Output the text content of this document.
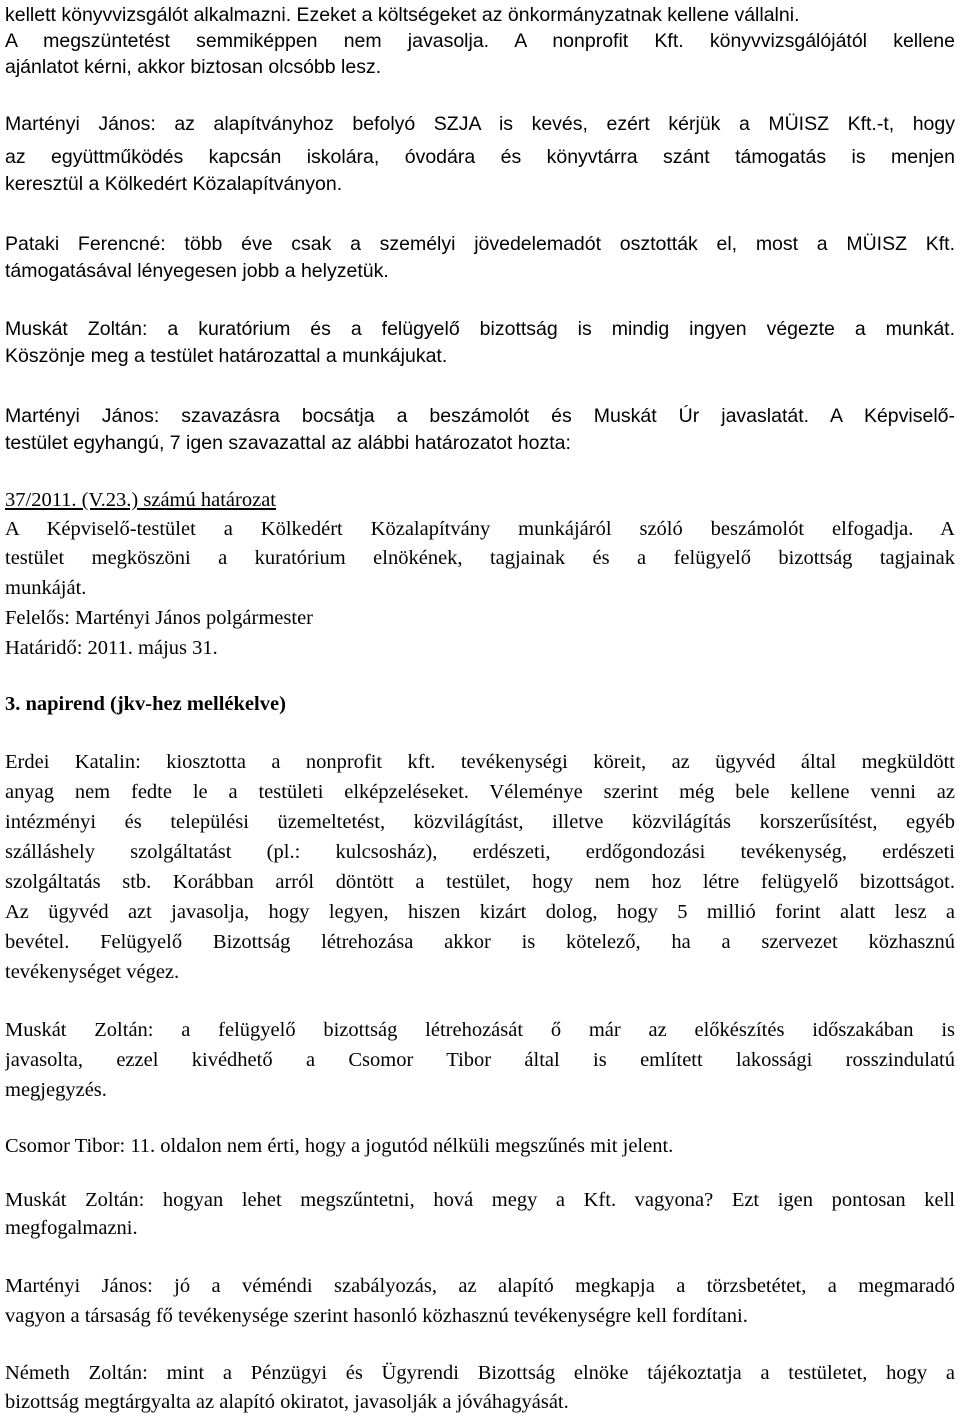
kellett könyvvizsgálót alkalmazni. Ezeket a költségeket az önkormányzatnak kellene vállalni.
A megszüntetést semmiképpen nem javasolja. A nonprofit Kft. könyvvizsgálójától kellene
ajánlatot kérni, akkor biztosan olcsóbb lesz.
Martényi János: az alapítványhoz befolyó SZJA is kevés, ezért kérjük a MÜISZ Kft.-t, hogy
az együttműködés kapcsán iskolára, óvodára és könyvtárra szánt támogatás is menjen
keresztül a Kölkedért Közalapítványon.
Pataki Ferencné: több éve csak a személyi jövedelemadót osztották el, most a MÜISZ Kft.
támogatásával lényegesen jobb a helyzetük.
Muskát Zoltán: a kuratórium és a felügyelő bizottság is mindig ingyen végezte a munkát.
Köszönje meg a testület határozattal a munkájukat.
Martényi János: szavazásra bocsátja a beszámolót és Muskát Úr javaslatát. A Képviselő-
testület egyhangú, 7 igen szavazattal az alábbi határozatot hozta:
37/2011. (V.23.) számú határozat
A Képviselő-testület a Kölkedért Közalapítvány munkájáról szóló beszámolót elfogadja. A
testület megköszöni a kuratórium elnökének, tagjainak és a felügyelő bizottság tagjainak
munkáját.
Felelős: Martényi János polgármester
Határidő: 2011. május 31.
3. napirend (jkv-hez mellékelve)
Erdei Katalin: kiosztotta a nonprofit kft. tevékenységi köreit, az ügyvéd által megküldött
anyag nem fedte le a testületi elképzeléseket. Véleménye szerint még bele kellene venni az
intézményi és települési üzemeltetést, közvilágítást, illetve közvilágítás korszerűsítést, egyéb
szálláshely szolgáltatást (pl.: kulcsosház), erdészeti, erdőgondozási tevékenység, erdészeti
szolgáltatás stb. Korábban arról döntött a testület, hogy nem hoz létre felügyelő bizottságot.
Az ügyvéd azt javasolja, hogy legyen, hiszen kizárt dolog, hogy 5 millió forint alatt lesz a
bevétel. Felügyelő Bizottság létrehozása akkor is kötelező, ha a szervezet közhasznú
tevékenységet végez.
Muskát Zoltán: a felügyelő bizottság létrehozását ő már az előkészítés időszakában is
javasolta, ezzel kivédhető a Csomor Tibor által is említett lakossági rosszindulatú
megjegyzés.
Csomor Tibor: 11. oldalon nem érti, hogy a jogutód nélküli megszűnés mit jelent.
Muskát Zoltán: hogyan lehet megszűntetni, hová megy a Kft. vagyona? Ezt igen pontosan kell
megfogalmazni.
Martényi János: jó a véméndi szabályozás, az alapító megkapja a törzsbetétet, a megmaradó
vagyon a társaság fő tevékenysége szerint hasonló közhasznú tevékenységre kell fordítani.
Németh Zoltán: mint a Pénzügyi és Ügyrendi Bizottság elnöke tájékoztatja a testületet, hogy a
bizottság megtárgyalta az alapító okiratot, javasolják a jóváhagyását.
